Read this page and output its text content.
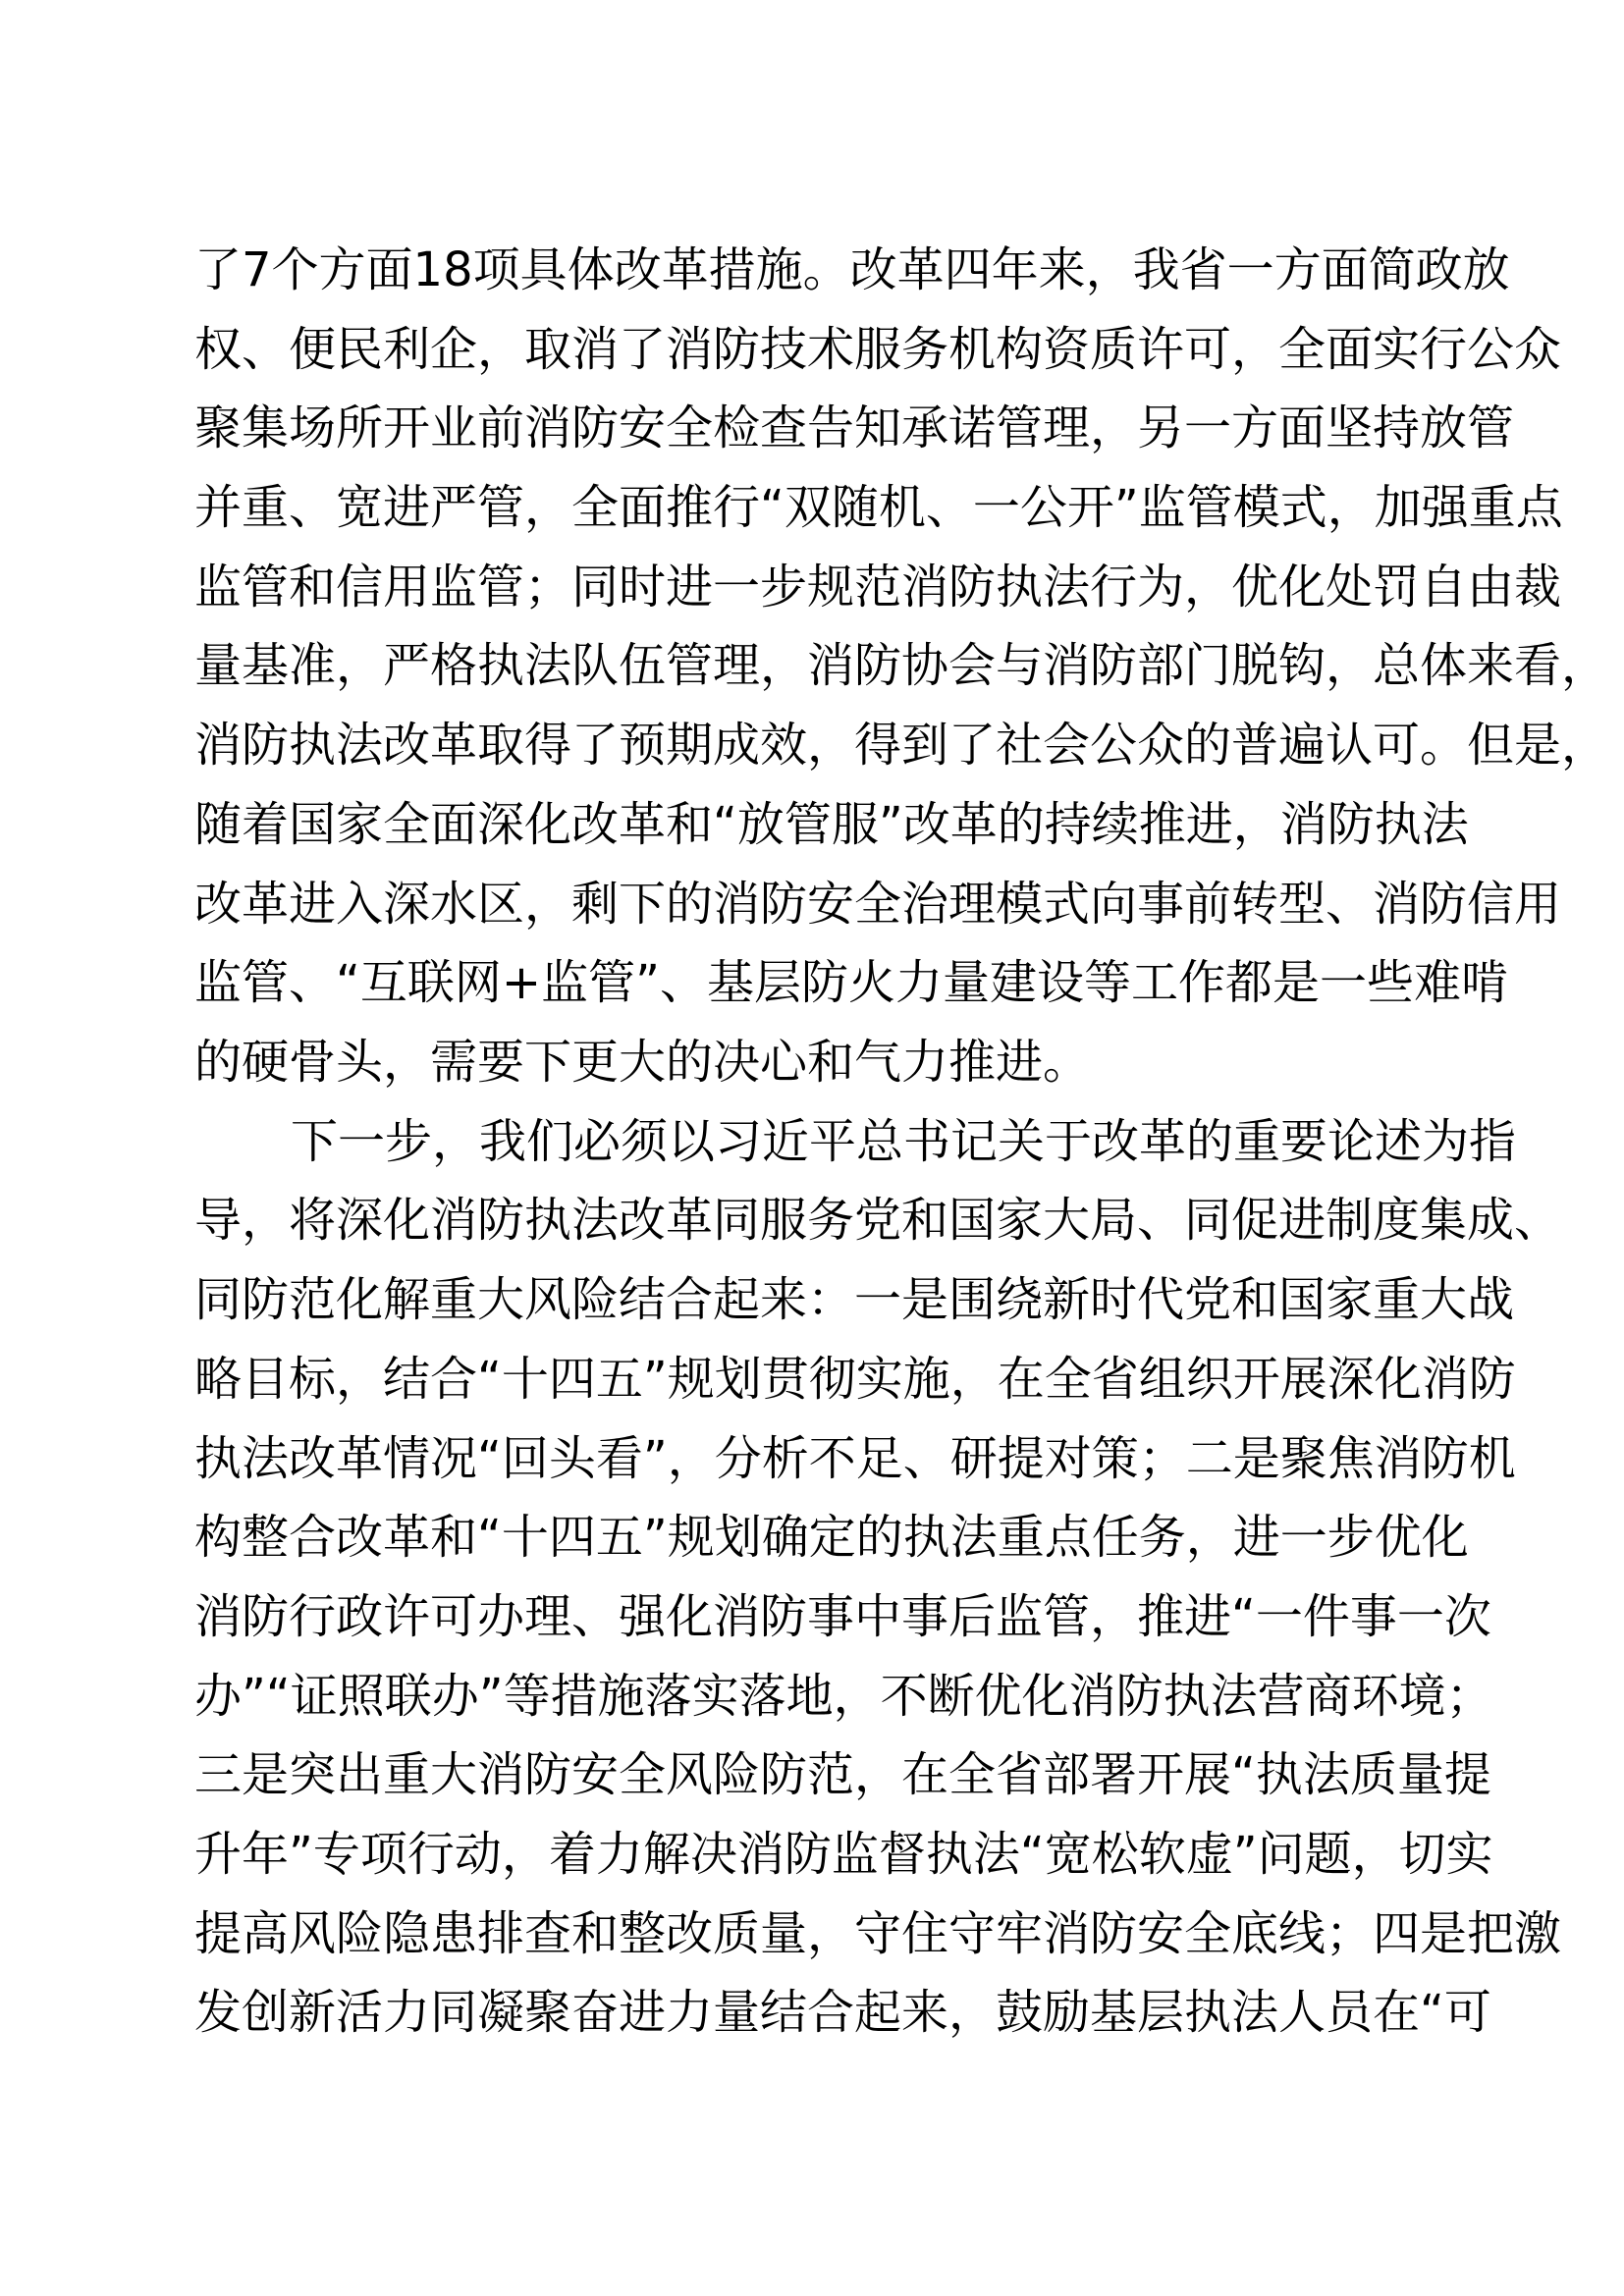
了7个方面18项具体改革措施。改革四年来，我省一方面简政放
权、便民利企，取消了消防技术服务机构资质许可，全面实行公众
聚集场所开业前消防安全检查告知承诺管理，另一方面坚持放管
并重、宽进严管，全面推行“双随机、一公开”监管模式，加强重点
监管和信用监管；同时进一步规范消防执法行为，优化处罚自由裁
量基准，严格执法队伍管理，消防协会与消防部门脱钩，总体来看，
消防执法改革取得了预期成效，得到了社会公众的普遍认可。但是，
随着国家全面深化改革和“放管服”改革的持续推进，消防执法
改革进入深水区，剩下的消防安全治理模式向事前转型、消防信用
监管、“互联网+监管”、基层防火力量建设等工作都是一些难啃
的硬骨头，需要下更大的决心和气力推进。
下一步，我们必须以习近平总书记关于改革的重要论述为指
导，将深化消防执法改革同服务党和国家大局、同促进制度集成、
同防范化解重大风险结合起来：一是围绕新时代党和国家重大战
略目标，结合“十四五”规划贯彻实施，在全省组织开展深化消防
执法改革情况“回头看”，分析不足、研提对策；二是聚焦消防机
构整合改革和“十四五”规划确定的执法重点任务，进一步优化
消防行政许可办理、强化消防事中事后监管，推进“一件事一次
办”“证照联办”等措施落实落地，不断优化消防执法营商环境；
三是突出重大消防安全风险防范，在全省部署开展“执法质量提
升年”专项行动，着力解决消防监督执法“宽松软虚”问题，切实
提高风险隐患排查和整改质量，守住守牢消防安全底线；四是把激
发创新活力同凝聚奋进力量结合起来，鼓励基层执法人员在“可
